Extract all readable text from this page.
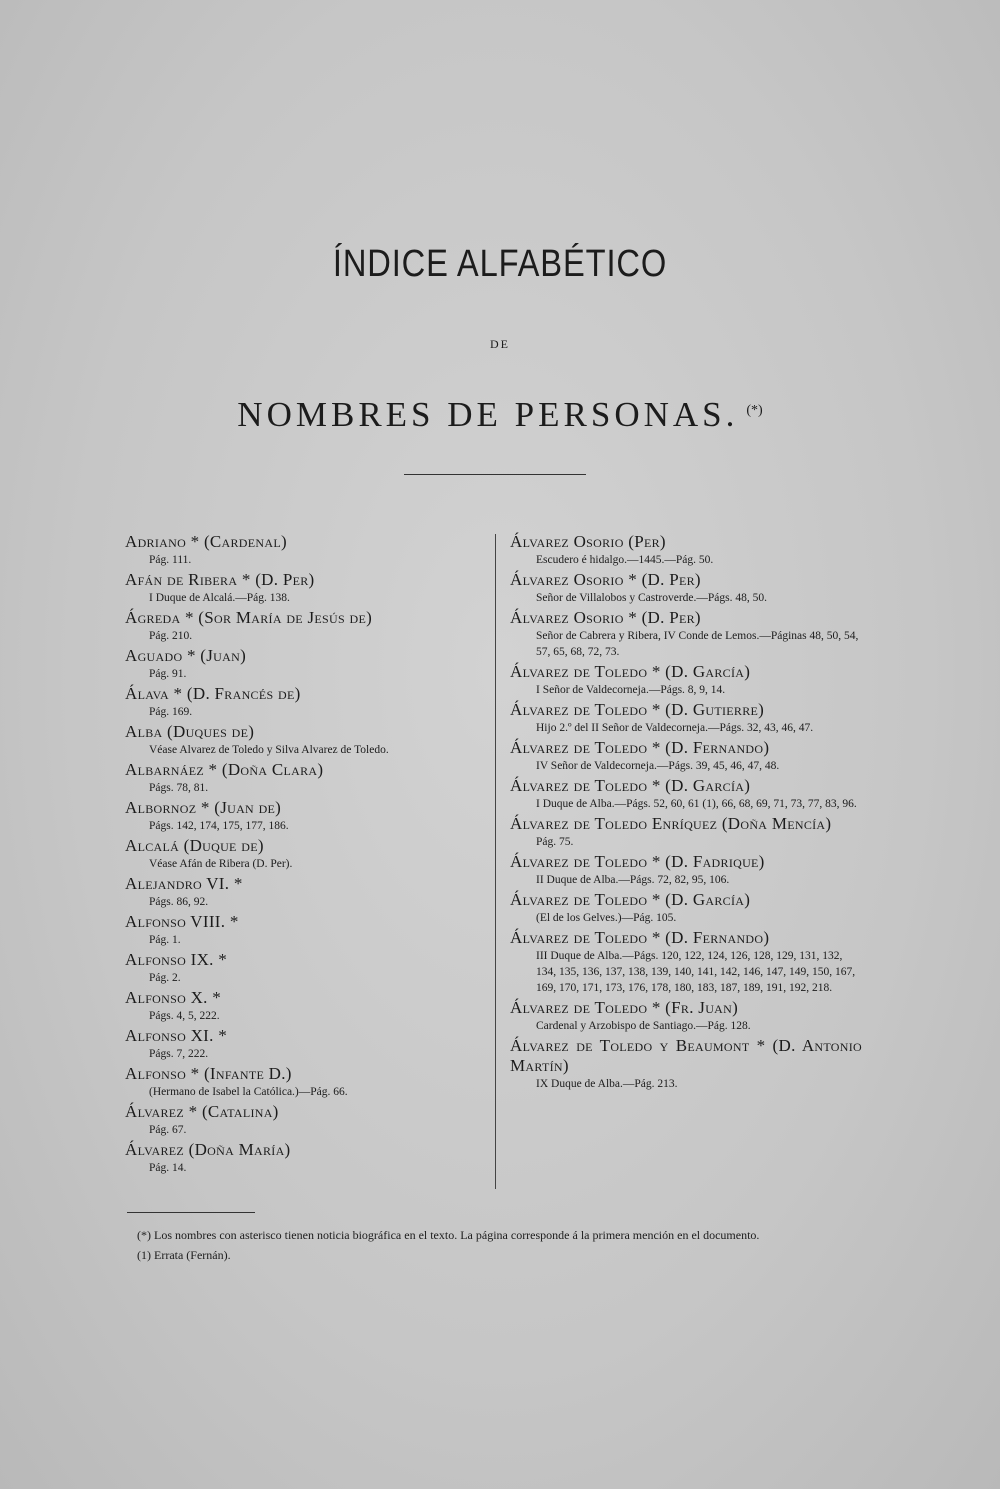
ÍNDICE ALFABÉTICO
DE
NOMBRES DE PERSONAS. (*)
Adriano * (Cardenal)
Pág. 111.
Afán de Ribera * (D. Per)
I Duque de Alcalá.—Pág. 138.
Ágreda * (Sor María de Jesús de)
Pág. 210.
Aguado * (Juan)
Pág. 91.
Álava * (D. Francés de)
Pág. 169.
Alba (Duques de)
Véase Alvarez de Toledo y Silva Alvarez de Toledo.
Albarnáez * (Doña Clara)
Págs. 78, 81.
Albornoz * (Juan de)
Págs. 142, 174, 175, 177, 186.
Alcalá (Duque de)
Véase Afán de Ribera (D. Per).
Alejandro VI. *
Págs. 86, 92.
Alfonso VIII. *
Pág. 1.
Alfonso IX. *
Pág. 2.
Alfonso X. *
Págs. 4, 5, 222.
Alfonso XI. *
Págs. 7, 222.
Alfonso * (Infante D.)
(Hermano de Isabel la Católica.)—Pág. 66.
Álvarez * (Catalina)
Pág. 67.
Álvarez (Doña María)
Pág. 14.
Álvarez Osorio (Per)
Escudero é hidalgo.—1445.—Pág. 50.
Álvarez Osorio * (D. Per)
Señor de Villalobos y Castroverde.—Págs. 48, 50.
Álvarez Osorio * (D. Per)
Señor de Cabrera y Ribera, IV Conde de Lemos.—Páginas 48, 50, 54, 57, 65, 68, 72, 73.
Álvarez de Toledo * (D. García)
I Señor de Valdecorneja.—Págs. 8, 9, 14.
Álvarez de Toledo * (D. Gutierre)
Hijo 2.º del II Señor de Valdecorneja.—Págs. 32, 43, 46, 47.
Álvarez de Toledo * (D. Fernando)
IV Señor de Valdecorneja.—Págs. 39, 45, 46, 47, 48.
Álvarez de Toledo * (D. García)
I Duque de Alba.—Págs. 52, 60, 61 (1), 66, 68, 69, 71, 73, 77, 83, 96.
Álvarez de Toledo Enríquez (Doña Mencía)
Pág. 75.
Álvarez de Toledo * (D. Fadrique)
II Duque de Alba.—Págs. 72, 82, 95, 106.
Álvarez de Toledo * (D. García)
(El de los Gelves.)—Pág. 105.
Álvarez de Toledo * (D. Fernando)
III Duque de Alba.—Págs. 120, 122, 124, 126, 128, 129, 131, 132, 134, 135, 136, 137, 138, 139, 140, 141, 142, 146, 147, 149, 150, 167, 169, 170, 171, 173, 176, 178, 180, 183, 187, 189, 191, 192, 218.
Álvarez de Toledo * (Fr. Juan)
Cardenal y Arzobispo de Santiago.—Pág. 128.
Álvarez de Toledo y Beaumont * (D. Antonio Martín)
IX Duque de Alba.—Pág. 213.

(*) Los nombres con asterisco tienen noticia biográfica en el texto. La página corresponde á la primera mención en el documento.

(1) Errata (Fernán).
